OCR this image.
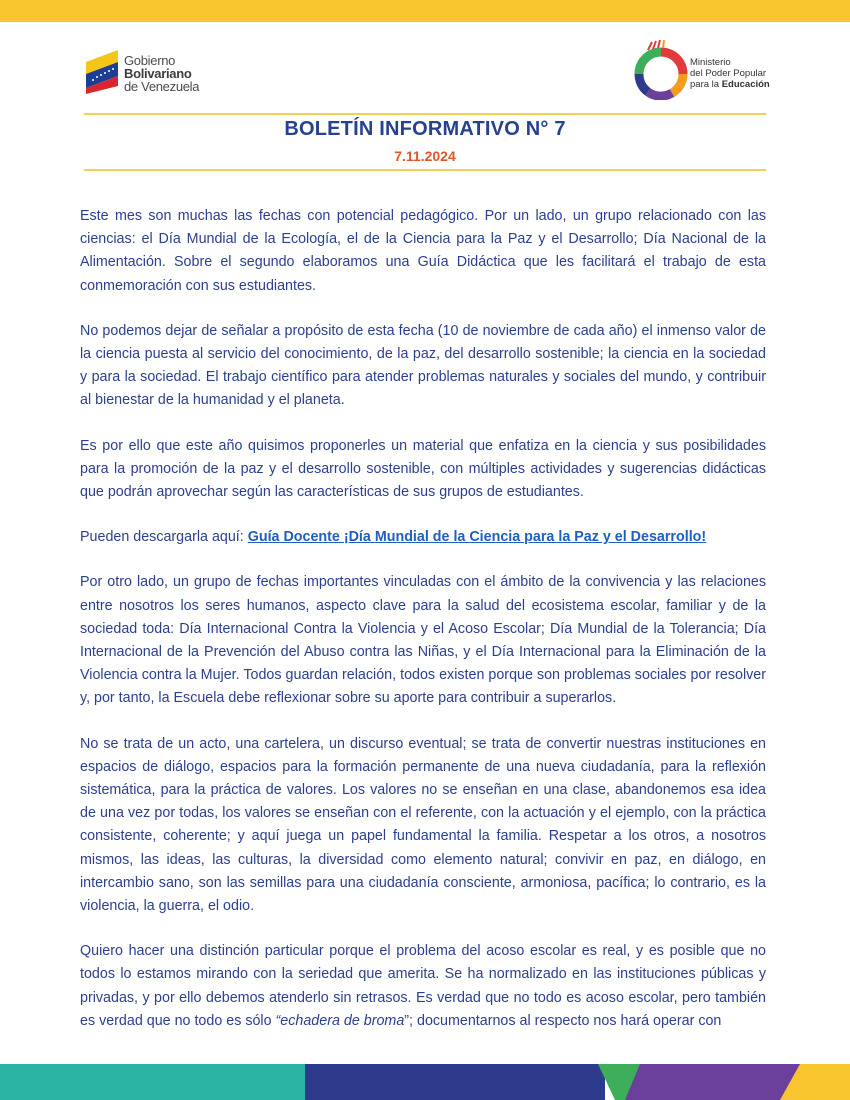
Gobierno
Bolivariano
de Venezuela
Ministerio
del Poder Popular
para la Educación
BOLETÍN INFORMATIVO N° 7
7.11.2024

Este mes son muchas las fechas con potencial pedagógico. Por un lado, un grupo relacionado con las ciencias: el Día Mundial de la Ecología, el de la Ciencia para la Paz y el Desarrollo; Día Nacional de la Alimentación. Sobre el segundo elaboramos una Guía Didáctica que les facilitará el trabajo de esta conmemoración con sus estudiantes.

No podemos dejar de señalar a propósito de esta fecha (10 de noviembre de cada año) el inmenso valor de la ciencia puesta al servicio del conocimiento, de la paz, del desarrollo sostenible; la ciencia en la sociedad y para la sociedad. El trabajo científico para atender problemas naturales y sociales del mundo, y contribuir al bienestar de la humanidad y el planeta.

Es por ello que este año quisimos proponerles un material que enfatiza en la ciencia y sus posibilidades para la promoción de la paz y el desarrollo sostenible, con múltiples actividades y sugerencias didácticas que podrán aprovechar según las características de sus grupos de estudiantes.

Pueden descargarla aquí: Guía Docente ¡Día Mundial de la Ciencia para la Paz y el Desarrollo!

Por otro lado, un grupo de fechas importantes vinculadas con el ámbito de la convivencia y las relaciones entre nosotros los seres humanos, aspecto clave para la salud del ecosistema escolar, familiar y de la sociedad toda: Día Internacional Contra la Violencia y el Acoso Escolar; Día Mundial de la Tolerancia; Día Internacional de la Prevención del Abuso contra las Niñas, y el Día Internacional para la Eliminación de la Violencia contra la Mujer. Todos guardan relación, todos existen porque son problemas sociales por resolver y, por tanto, la Escuela debe reflexionar sobre su aporte para contribuir a superarlos.

No se trata de un acto, una cartelera, un discurso eventual; se trata de convertir nuestras instituciones en espacios de diálogo, espacios para la formación permanente de una nueva ciudadanía, para la reflexión sistemática, para la práctica de valores. Los valores no se enseñan en una clase, abandonemos esa idea de una vez por todas, los valores se enseñan con el referente, con la actuación y el ejemplo, con la práctica consistente, coherente; y aquí juega un papel fundamental la familia. Respetar a los otros, a nosotros mismos, las ideas, las culturas, la diversidad como elemento natural; convivir en paz, en diálogo, en intercambio sano, son las semillas para una ciudadanía consciente, armoniosa, pacífica; lo contrario, es la violencia, la guerra, el odio.

Quiero hacer una distinción particular porque el problema del acoso escolar es real, y es posible que no todos lo estamos mirando con la seriedad que amerita. Se ha normalizado en las instituciones públicas y privadas, y por ello debemos atenderlo sin retrasos. Es verdad que no todo es acoso escolar, pero también es verdad que no todo es sólo “echadera de broma”; documentarnos al respecto nos hará operar con
